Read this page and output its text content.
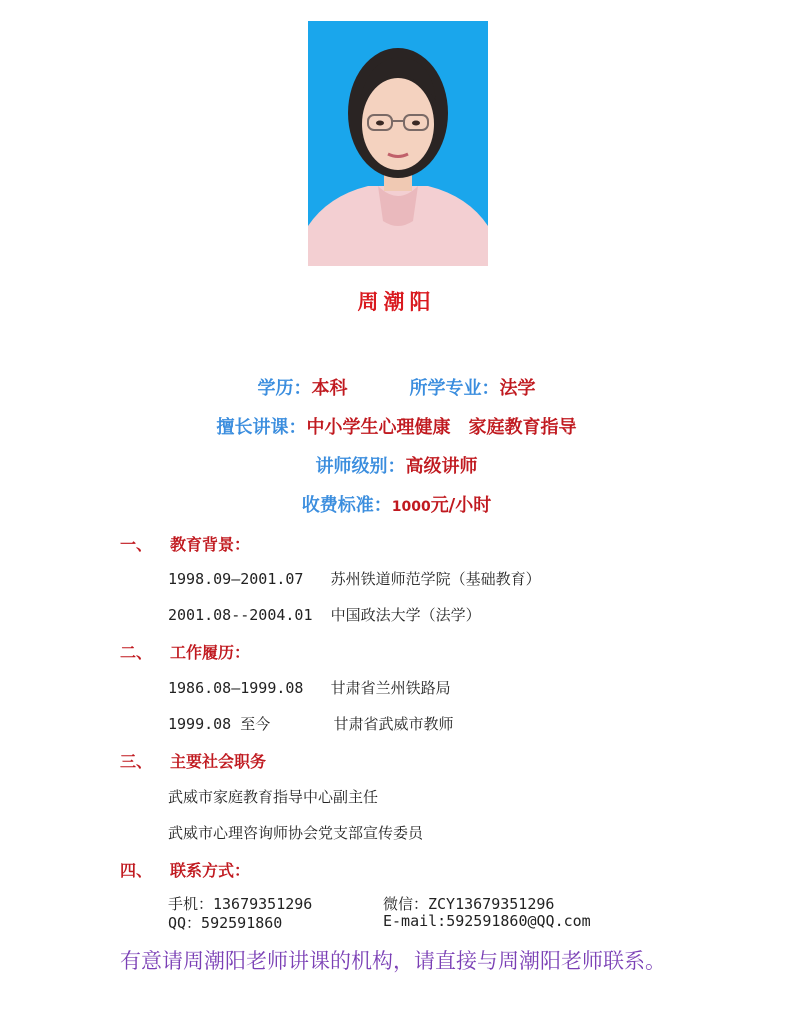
周潮阳
学历：本科	所学专业：法学
擅长讲课：中小学生心理健康　家庭教育指导
讲师级别：高级讲师
收费标准：1000元/小时
一、 教育背景：
1998.09—2001.07 苏州铁道师范学院（基础教育）
2001.08--2004.01 中国政法大学（法学）
二、 工作履历：
1986.08—1999.08 甘肃省兰州铁路局
1999.08 至今	甘肃省武威市教师
三、 主要社会职务
武威市家庭教育指导中心副主任
武威市心理咨询师协会党支部宣传委员
四、 联系方式：
手机：13679351296	微信：ZCY13679351296
QQ：592591860	E-mail:592591860@QQ.com
有意请周潮阳老师讲课的机构，请直接与周潮阳老师联系。
